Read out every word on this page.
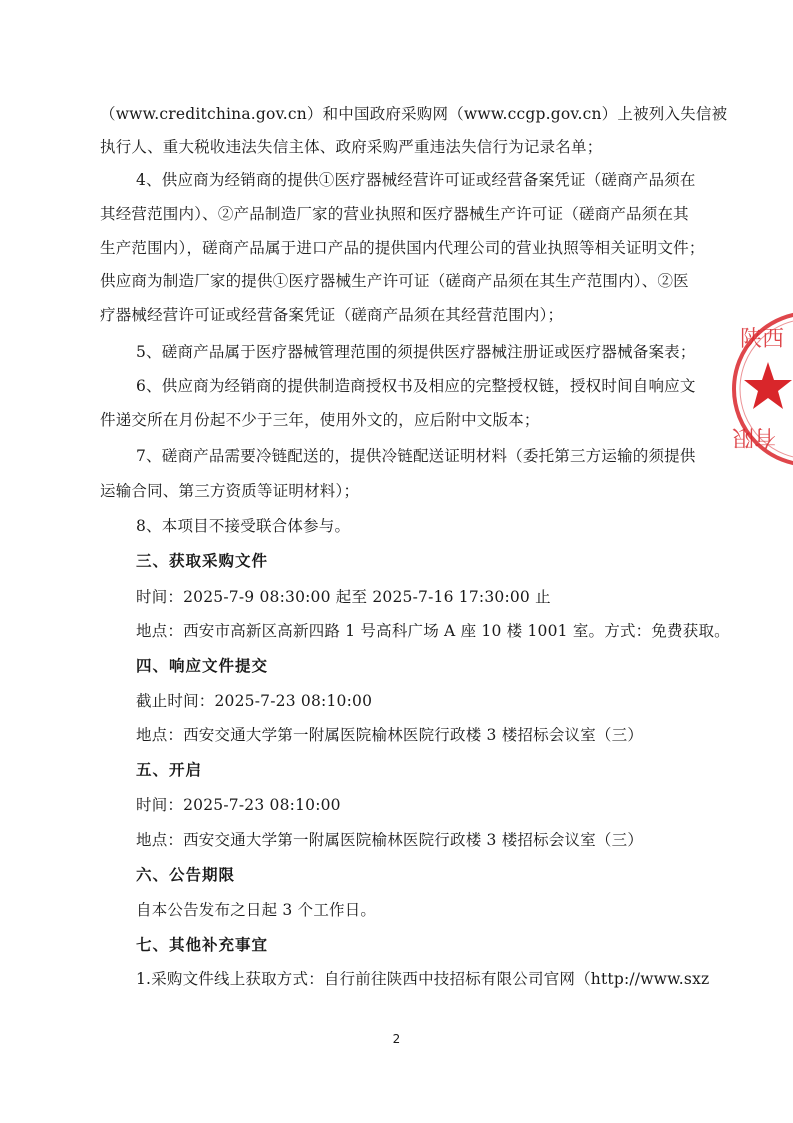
（www.creditchina.gov.cn）和中国政府采购网（www.ccgp.gov.cn）上被列入失信被
执行人、重大税收违法失信主体、政府采购严重违法失信行为记录名单；
4、供应商为经销商的提供①医疗器械经营许可证或经营备案凭证（磋商产品须在
其经营范围内）、②产品制造厂家的营业执照和医疗器械生产许可证（磋商产品须在其
生产范围内），磋商产品属于进口产品的提供国内代理公司的营业执照等相关证明文件；
供应商为制造厂家的提供①医疗器械生产许可证（磋商产品须在其生产范围内）、②医
疗器械经营许可证或经营备案凭证（磋商产品须在其经营范围内）；
5、磋商产品属于医疗器械管理范围的须提供医疗器械注册证或医疗器械备案表；
6、供应商为经销商的提供制造商授权书及相应的完整授权链，授权时间自响应文
件递交所在月份起不少于三年，使用外文的，应后附中文版本；
7、磋商产品需要冷链配送的，提供冷链配送证明材料（委托第三方运输的须提供
运输合同、第三方资质等证明材料）；
8、本项目不接受联合体参与。
三、获取采购文件
时间：2025-7-9 08:30:00 起至 2025-7-16 17:30:00 止
地点：西安市高新区高新四路 1 号高科广场 A 座 10 楼 1001 室。方式：免费获取。
四、响应文件提交
截止时间：2025-7-23 08:10:00
地点：西安交通大学第一附属医院榆林医院行政楼 3 楼招标会议室（三）
五、开启
时间：2025-7-23 08:10:00
地点：西安交通大学第一附属医院榆林医院行政楼 3 楼招标会议室（三）
六、公告期限
自本公告发布之日起 3 个工作日。
七、其他补充事宜
1.采购文件线上获取方式：自行前往陕西中技招标有限公司官网（http://www.sxz
2
陕西
有限
